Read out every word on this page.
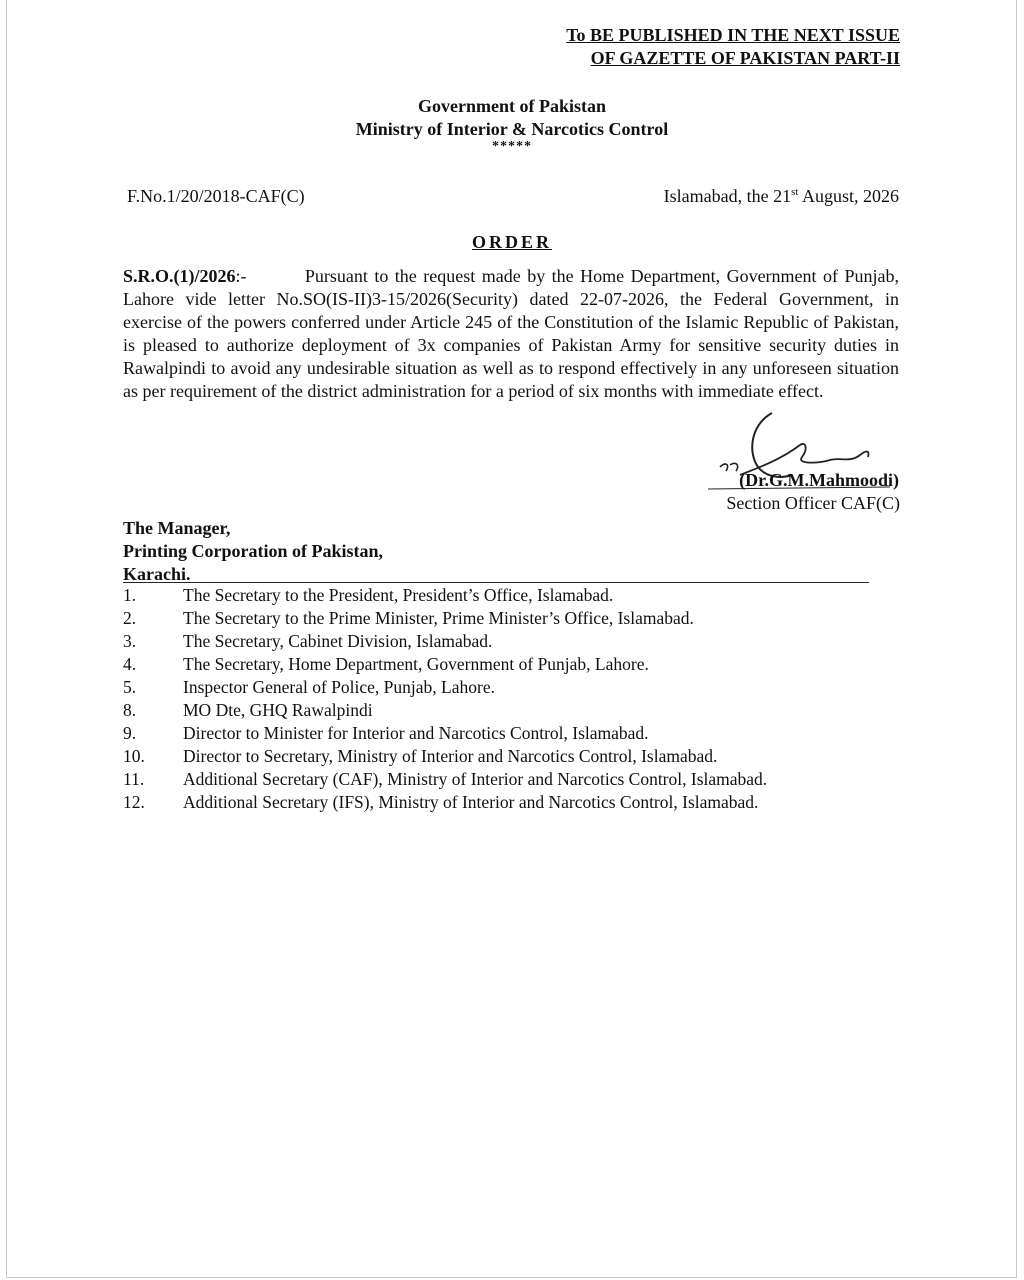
To BE PUBLISHED IN THE NEXT ISSUE
OF GAZETTE OF PAKISTAN PART-II
Government of Pakistan
Ministry of Interior & Narcotics Control
*****
F.No.1/20/2018-CAF(C)	Islamabad, the 21st August, 2026
ORDER
S.R.O.(1)/2026:-	Pursuant to the request made by the Home Department, Government of Punjab, Lahore vide letter No.SO(IS-II)3-15/2026(Security) dated 22-07-2026, the Federal Government, in exercise of the powers conferred under Article 245 of the Constitution of the Islamic Republic of Pakistan, is pleased to authorize deployment of 3x companies of Pakistan Army for sensitive security duties in Rawalpindi to avoid any undesirable situation as well as to respond effectively in any unforeseen situation as per requirement of the district administration for a period of six months with immediate effect.
(Dr.G.M.Mahmoodi)
Section Officer CAF(C)
The Manager,
Printing Corporation of Pakistan,
Karachi.
1.	The Secretary to the President, President’s Office, Islamabad.
2.	The Secretary to the Prime Minister, Prime Minister’s Office, Islamabad.
3.	The Secretary, Cabinet Division, Islamabad.
4.	The Secretary, Home Department, Government of Punjab, Lahore.
5.	Inspector General of Police, Punjab, Lahore.
8.	MO Dte, GHQ Rawalpindi
9.	Director to Minister for Interior and Narcotics Control, Islamabad.
10.	Director to Secretary, Ministry of Interior and Narcotics Control, Islamabad.
11.	Additional Secretary (CAF), Ministry of Interior and Narcotics Control, Islamabad.
12.	Additional Secretary (IFS), Ministry of Interior and Narcotics Control, Islamabad.
